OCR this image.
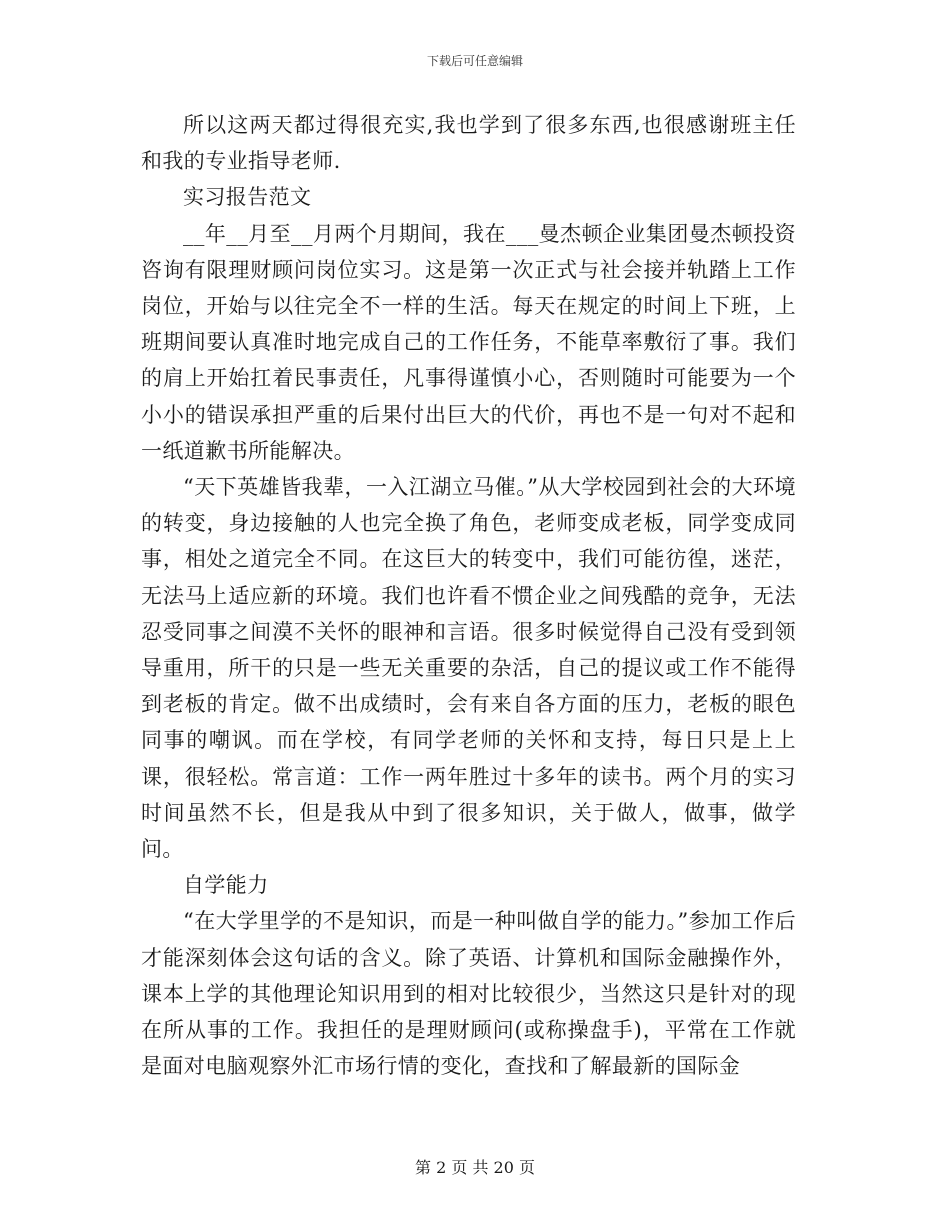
下载后可任意编辑

所以这两天都过得很充实,我也学到了很多东西,也很感谢班主任和我的专业指导老师.

实习报告范文

__年__月至__月两个月期间，我在___曼杰顿企业集团曼杰顿投资咨询有限理财顾问岗位实习。这是第一次正式与社会接并轨踏上工作岗位，开始与以往完全不一样的生活。每天在规定的时间上下班，上班期间要认真准时地完成自己的工作任务，不能草率敷衍了事。我们的肩上开始扛着民事责任，凡事得谨慎小心，否则随时可能要为一个小小的错误承担严重的后果付出巨大的代价，再也不是一句对不起和一纸道歉书所能解决。

“天下英雄皆我辈，一入江湖立马催。”从大学校园到社会的大环境的转变，身边接触的人也完全换了角色，老师变成老板，同学变成同事，相处之道完全不同。在这巨大的转变中，我们可能彷徨，迷茫，无法马上适应新的环境。我们也许看不惯企业之间残酷的竞争，无法忍受同事之间漠不关怀的眼神和言语。很多时候觉得自己没有受到领导重用，所干的只是一些无关重要的杂活，自己的提议或工作不能得到老板的肯定。做不出成绩时，会有来自各方面的压力，老板的眼色同事的嘲讽。而在学校，有同学老师的关怀和支持，每日只是上上课，很轻松。常言道：工作一两年胜过十多年的读书。两个月的实习时间虽然不长，但是我从中到了很多知识，关于做人，做事，做学问。

自学能力

“在大学里学的不是知识，而是一种叫做自学的能力。”参加工作后才能深刻体会这句话的含义。除了英语、计算机和国际金融操作外，课本上学的其他理论知识用到的相对比较很少，当然这只是针对的现在所从事的工作。我担任的是理财顾问(或称操盘手)，平常在工作就是面对电脑观察外汇市场行情的变化，查找和了解最新的国际金

第 2 页 共 20 页
